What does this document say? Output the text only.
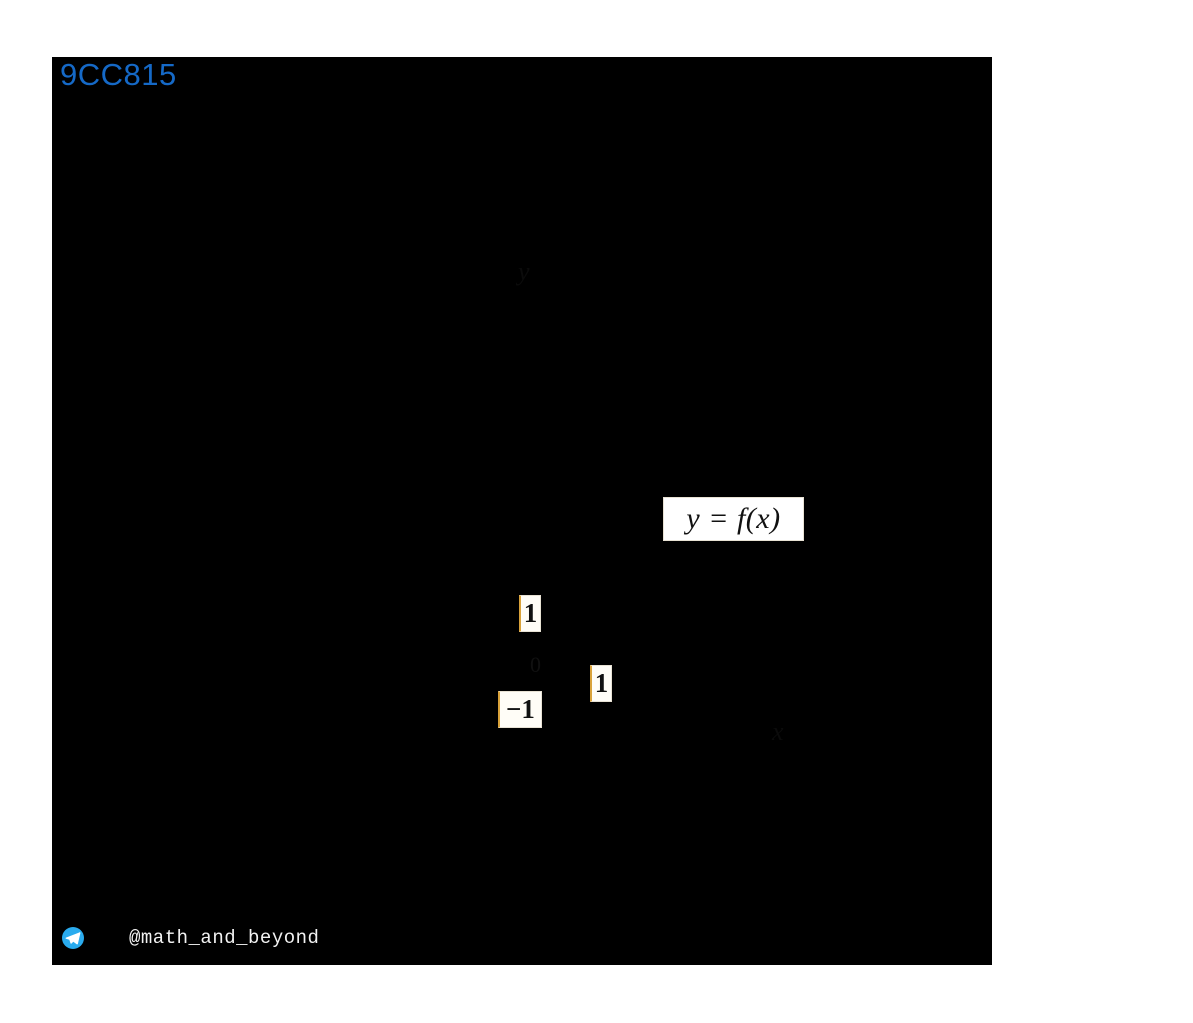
9CC815
y
x
0
y = f(x)
1
1
−1
@math_and_beyond
